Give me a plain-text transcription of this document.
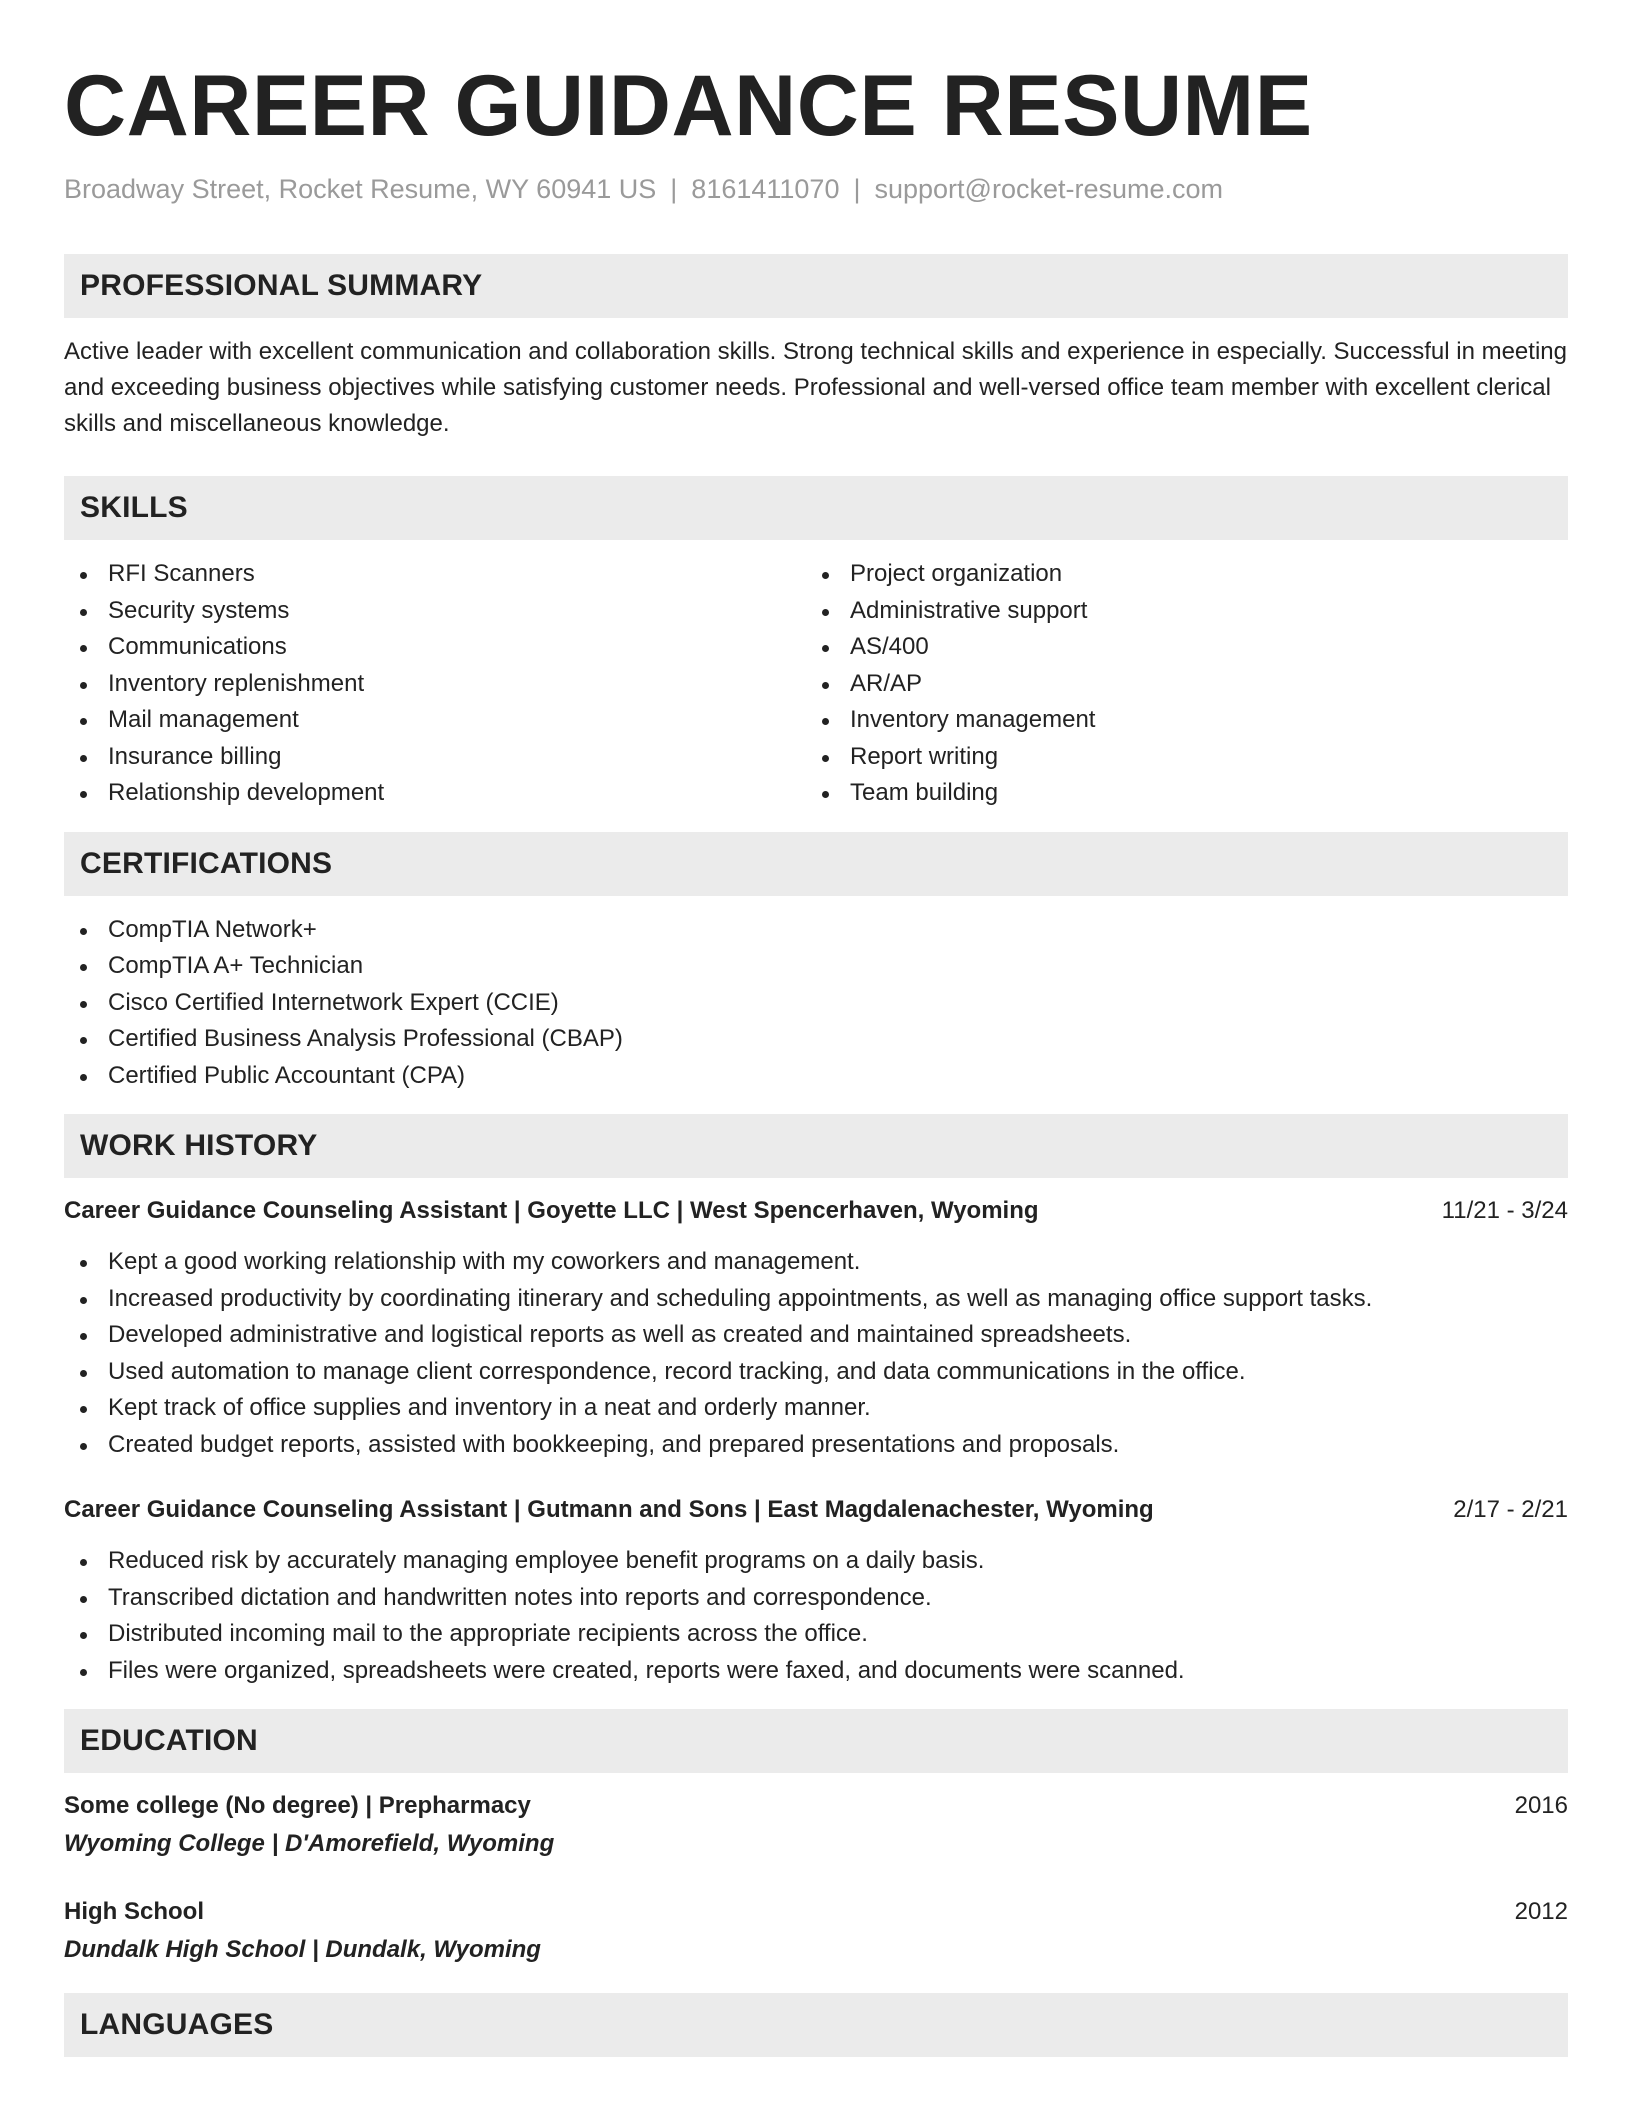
CAREER GUIDANCE RESUME
Broadway Street, Rocket Resume, WY 60941 US | 8161411070 | support@rocket-resume.com
PROFESSIONAL SUMMARY

Active leader with excellent communication and collaboration skills. Strong technical skills and experience in especially. Successful in meeting and exceeding business objectives while satisfying customer needs. Professional and well-versed office team member with excellent clerical skills and miscellaneous knowledge.

SKILLS
RFI Scanners
Security systems
Communications
Inventory replenishment
Mail management
Insurance billing
Relationship development
Project organization
Administrative support
AS/400
AR/AP
Inventory management
Report writing
Team building
CERTIFICATIONS
CompTIA Network+
CompTIA A+ Technician
Cisco Certified Internetwork Expert (CCIE)
Certified Business Analysis Professional (CBAP)
Certified Public Accountant (CPA)
WORK HISTORY
Career Guidance Counseling Assistant | Goyette LLC | West Spencerhaven, Wyoming	11/21 - 3/24
Kept a good working relationship with my coworkers and management.
Increased productivity by coordinating itinerary and scheduling appointments, as well as managing office support tasks.
Developed administrative and logistical reports as well as created and maintained spreadsheets.
Used automation to manage client correspondence, record tracking, and data communications in the office.
Kept track of office supplies and inventory in a neat and orderly manner.
Created budget reports, assisted with bookkeeping, and prepared presentations and proposals.
Career Guidance Counseling Assistant | Gutmann and Sons | East Magdalenachester, Wyoming	2/17 - 2/21
Reduced risk by accurately managing employee benefit programs on a daily basis.
Transcribed dictation and handwritten notes into reports and correspondence.
Distributed incoming mail to the appropriate recipients across the office.
Files were organized, spreadsheets were created, reports were faxed, and documents were scanned.
EDUCATION
Some college (No degree) | Prepharmacy	2016
Wyoming College | D'Amorefield, Wyoming
High School	2012
Dundalk High School | Dundalk, Wyoming
LANGUAGES
